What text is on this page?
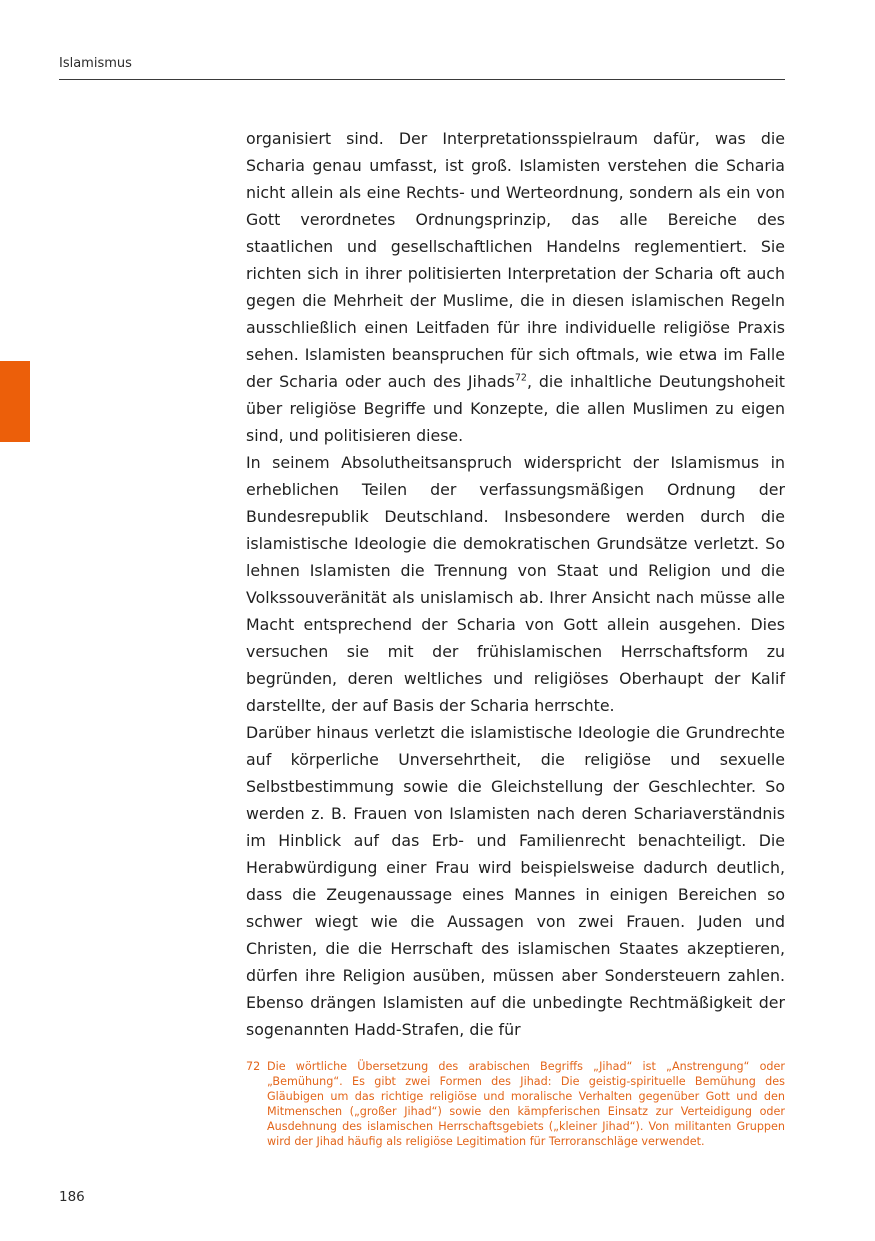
Islamismus

organisiert sind. Der Interpretationsspielraum dafür, was die Scharia genau umfasst, ist groß. Islamisten verstehen die Scharia nicht allein als eine Rechts- und Werteordnung, sondern als ein von Gott verordnetes Ordnungsprinzip, das alle Bereiche des staatlichen und gesellschaftlichen Handelns reglementiert. Sie richten sich in ihrer politisierten Interpretation der Scharia oft auch gegen die Mehrheit der Muslime, die in diesen islamischen Regeln ausschließlich einen Leitfaden für ihre individuelle religiöse Praxis sehen. Islamisten beanspruchen für sich oftmals, wie etwa im Falle der Scharia oder auch des Jihads$^{72}$, die inhaltliche Deutungshoheit über religiöse Begriffe und Konzepte, die allen Muslimen zu eigen sind, und politisieren diese.

In seinem Absolutheitsanspruch widerspricht der Islamismus in erheblichen Teilen der verfassungsmäßigen Ordnung der Bundesrepublik Deutschland. Insbesondere werden durch die islamistische Ideologie die demokratischen Grundsätze verletzt. So lehnen Islamisten die Trennung von Staat und Religion und die Volkssouveränität als unislamisch ab. Ihrer Ansicht nach müsse alle Macht entsprechend der Scharia von Gott allein ausgehen. Dies versuchen sie mit der frühislamischen Herrschaftsform zu begründen, deren weltliches und religiöses Oberhaupt der Kalif darstellte, der auf Basis der Scharia herrschte.

Darüber hinaus verletzt die islamistische Ideologie die Grundrechte auf körperliche Unversehrtheit, die religiöse und sexuelle Selbstbestimmung sowie die Gleichstellung der Geschlechter. So werden z. B. Frauen von Islamisten nach deren Schariaverständnis im Hinblick auf das Erb- und Familienrecht benachteiligt. Die Herabwürdigung einer Frau wird beispielsweise dadurch deutlich, dass die Zeugenaussage eines Mannes in einigen Bereichen so schwer wiegt wie die Aussagen von zwei Frauen. Juden und Christen, die die Herrschaft des islamischen Staates akzeptieren, dürfen ihre Religion ausüben, müssen aber Sondersteuern zahlen. Ebenso drängen Islamisten auf die unbedingte Rechtmäßigkeit der sogenannten Hadd-Strafen, die für

72 Die wörtliche Übersetzung des arabischen Begriffs „Jihad“ ist „Anstrengung“ oder „Bemühung“. Es gibt zwei Formen des Jihad: Die geistig-spirituelle Bemühung des Gläubigen um das richtige religiöse und moralische Verhalten gegenüber Gott und den Mitmenschen („großer Jihad“) sowie den kämpferischen Einsatz zur Verteidigung oder Ausdehnung des islamischen Herrschaftsgebiets („kleiner Jihad“). Von militanten Gruppen wird der Jihad häufig als religiöse Legitimation für Terroranschläge verwendet.
186
